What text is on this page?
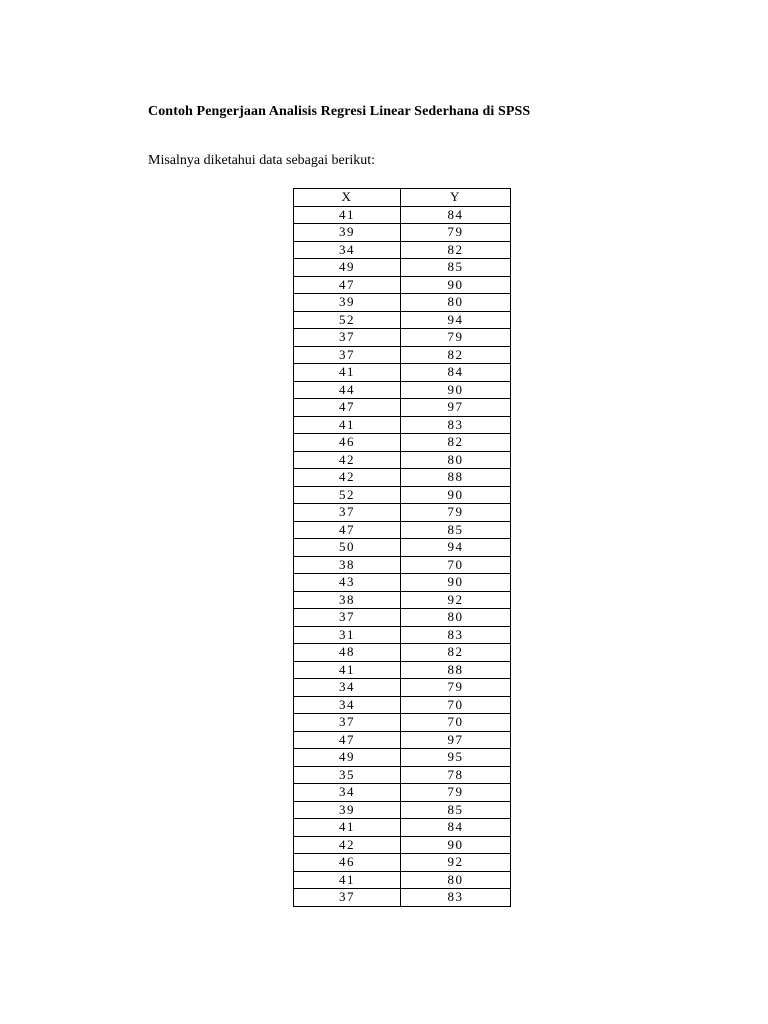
Contoh Pengerjaan Analisis Regresi Linear Sederhana di SPSS
Misalnya diketahui data sebagai berikut:
X	Y
41	84
39	79
34	82
49	85
47	90
39	80
52	94
37	79
37	82
41	84
44	90
47	97
41	83
46	82
42	80
42	88
52	90
37	79
47	85
50	94
38	70
43	90
38	92
37	80
31	83
48	82
41	88
34	79
34	70
37	70
47	97
49	95
35	78
34	79
39	85
41	84
42	90
46	92
41	80
37	83
